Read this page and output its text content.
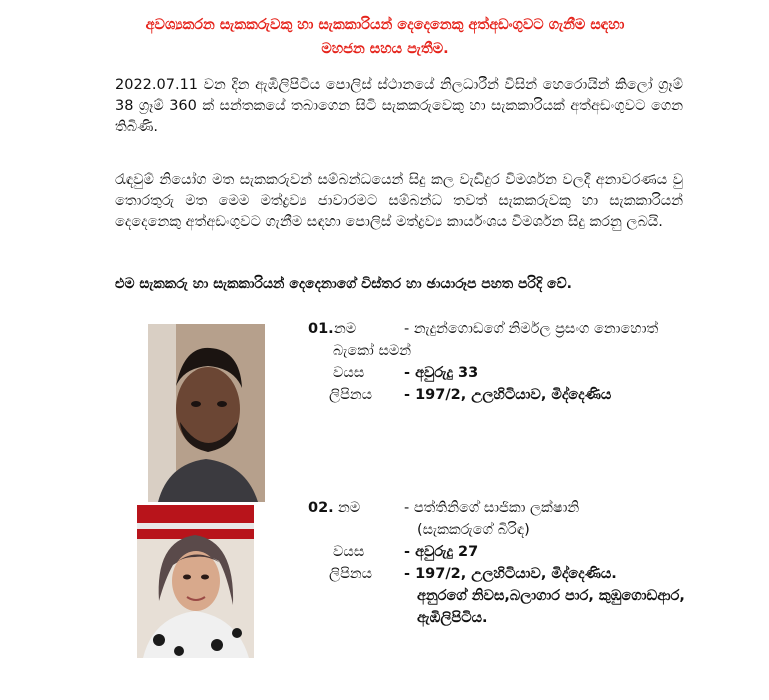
අවශ්‍යකරන සැකකරුවකු හා සැකකාරියන් දෙදෙනෙකු අත්අඩංගුවට ගැනීම සඳහා
මහජන සහය පැතීම.
2022.07.11 වන දින ඇඹිලිපිටිය පොලිස් ස්ථානයේ නිලධාරීන් විසින් හෙරොයින් කිලෝ ග්‍රෑම් 38 ග්‍රෑම් 360 ක් සන්තකයේ තබාගෙන සිටි සැකකරුවෙකු හා සැකකාරියක් අත්අඩංගුවට ගෙන තිබිණි.
රැඳවුම් නියෝග මත සැකකරුවන් සම්බන්ධයෙන් සිදු කල වැඩිදුර විමර්ශන වලදී අනාවරණය වු තොරතුරු මත මෙම මත්ද්‍රව්‍ය ජාවාරමට සම්බන්ධ තවත් සැකකරුවකු හා සැකකාරියන් දෙදෙනෙකු අත්අඩංගුවට ගැනීම සඳහා පොලිස් මත්ද්‍රව්‍ය කාර්යංශය විමර්ශන සිදු කරනු ලබයි.
එම සැකකරු හා සැකකාරියන් දෙදෙනාගේ විස්තර හා ඡායාරූප පහත පරිදි වේ.
01. නම	- නැදුන්ගොඩගේ නිර්මල ප්‍රසංග නොහොත්
බැකෝ සමන්
වයස	- අවුරුදු 33
ලිපිනය - 197/2, උලහිටියාව, මිද්දෙණිය
02. නම	- පත්තිනිගේ සාජිකා ලක්ෂානි
(සැකකරුගේ බිරිඳ)
වයස	- අවුරුදු 27
ලිපිනය - 197/2, උලහිටියාව, මිද්දෙණිය.
අනුරගේ නිවස,බලාගාර පාර, කුඹුගොඩආර,
ඇඹිලිපිටිය.
